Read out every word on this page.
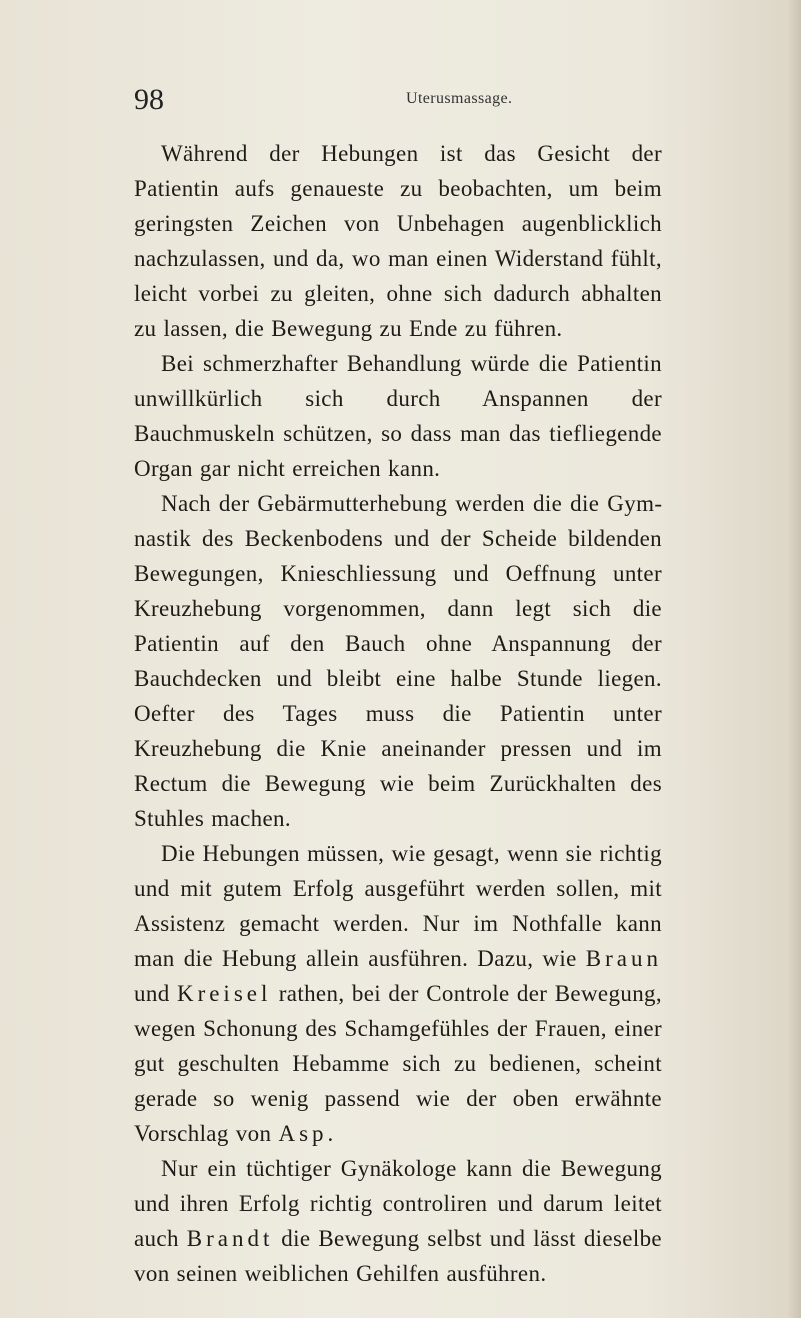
98	Uterusmassage.

Während der Hebungen ist das Gesicht der Patientin aufs genaueste zu beobachten, um beim geringsten Zeichen von Unbehagen augenblicklich nachzulassen, und da, wo man einen Widerstand fühlt, leicht vorbei zu gleiten, ohne sich dadurch abhalten zu lassen, die Bewegung zu Ende zu führen.

Bei schmerzhafter Behandlung würde die Patientin unwillkürlich sich durch Anspannen der Bauchmuskeln schützen, so dass man das tiefliegende Organ gar nicht erreichen kann.

Nach der Gebärmutterhebung werden die die Gymnastik des Beckenbodens und der Scheide bildenden Bewegungen, Knieschliessung und Oeffnung unter Kreuzhebung vorgenommen, dann legt sich die Patientin auf den Bauch ohne Anspannung der Bauchdecken und bleibt eine halbe Stunde liegen. Oefter des Tages muss die Patientin unter Kreuzhebung die Knie aneinander pressen und im Rectum die Bewegung wie beim Zurückhalten des Stuhles machen.

Die Hebungen müssen, wie gesagt, wenn sie richtig und mit gutem Erfolg ausgeführt werden sollen, mit Assistenz gemacht werden. Nur im Nothfalle kann man die Hebung allein ausführen. Dazu, wie Braun und Kreisel rathen, bei der Controle der Bewegung, wegen Schonung des Schamgefühles der Frauen, einer gut geschulten Hebamme sich zu bedienen, scheint gerade so wenig passend wie der oben erwähnte Vorschlag von Asp.

Nur ein tüchtiger Gynäkologe kann die Bewegung und ihren Erfolg richtig controliren und darum leitet auch Brandt die Bewegung selbst und lässt dieselbe von seinen weiblichen Gehilfen ausführen.
